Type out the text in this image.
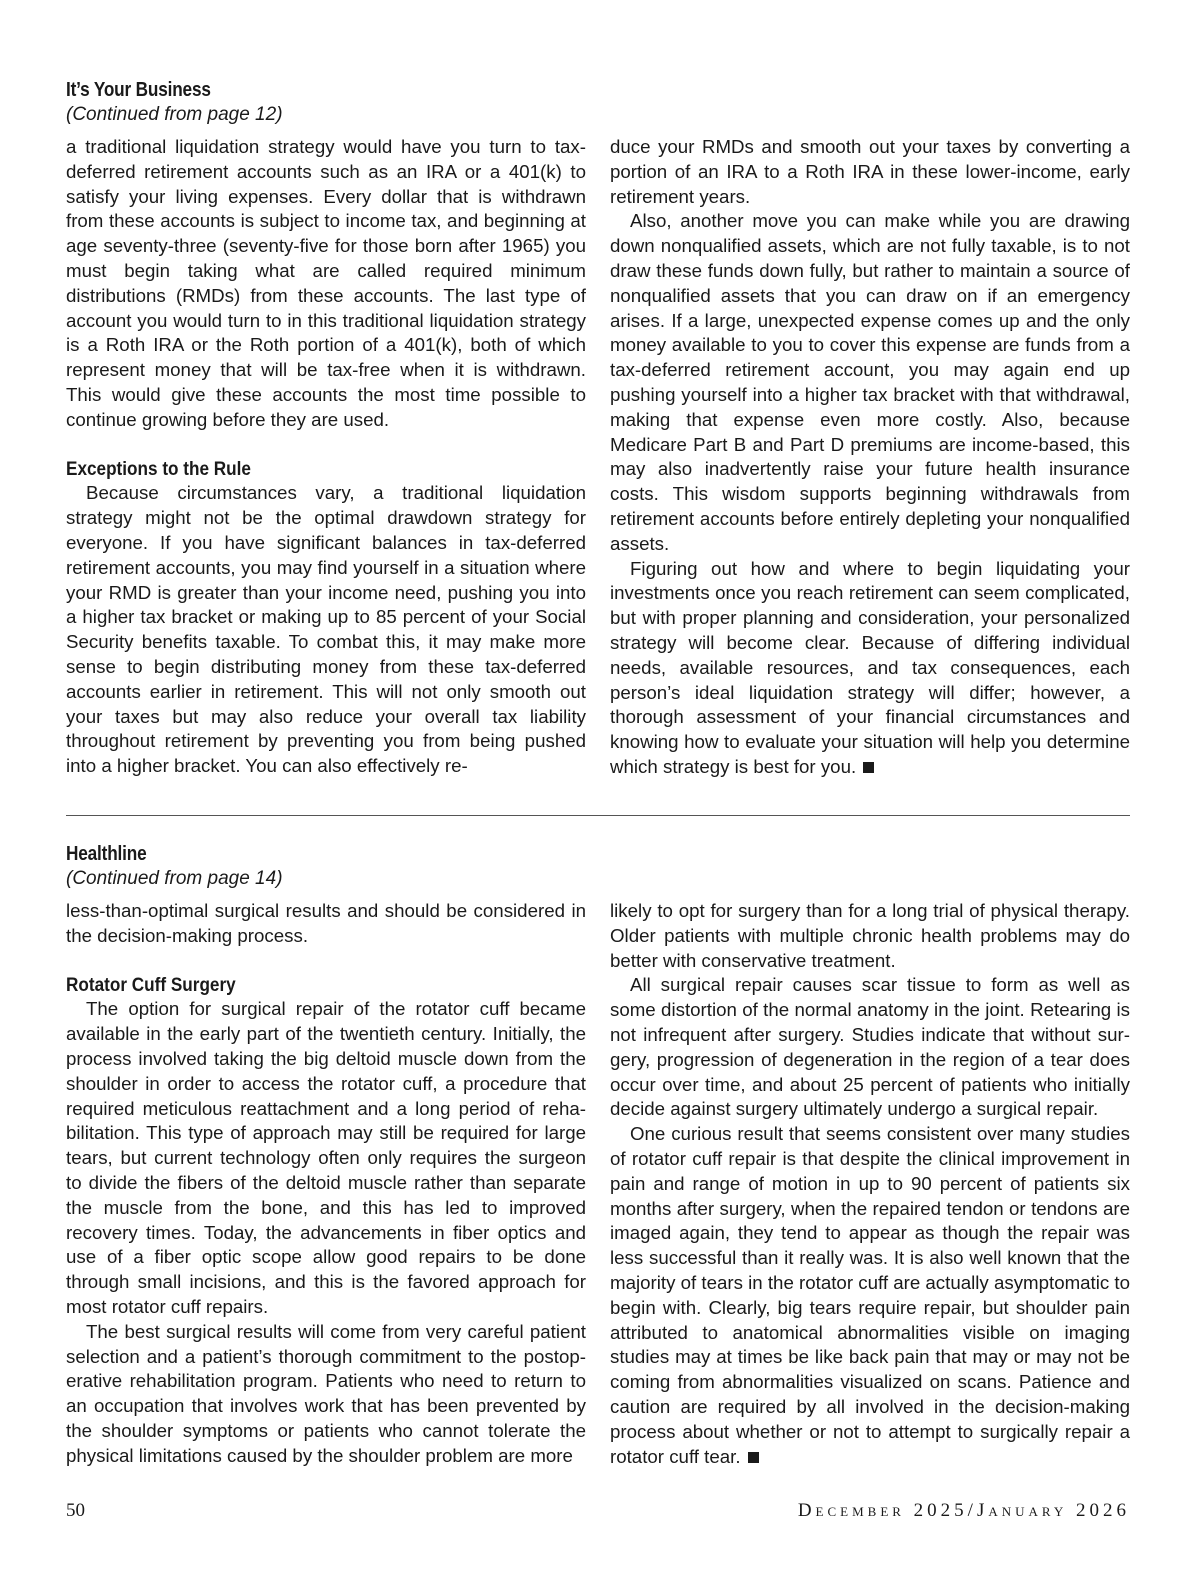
It’s Your Business
(Continued from page 12)

a traditional liquidation strategy would have you turn to tax-deferred retirement accounts such as an IRA or a 401(k) to satisfy your living expenses. Every dollar that is withdrawn from these accounts is subject to income tax, and beginning at age seventy-three (seventy-five for those born after 1965) you must begin taking what are called required minimum distributions (RMDs) from these accounts. The last type of account you would turn to in this traditional liquidation strategy is a Roth IRA or the Roth portion of a 401(k), both of which represent money that will be tax-free when it is withdrawn. This would give these accounts the most time possible to continue growing before they are used.

Exceptions to the Rule

Because circumstances vary, a traditional liquidation strategy might not be the optimal drawdown strategy for everyone. If you have significant balances in tax-deferred retirement accounts, you may find yourself in a situation where your RMD is greater than your income need, pushing you into a higher tax bracket or making up to 85 percent of your Social Security benefits taxable. To combat this, it may make more sense to begin distributing money from these tax-deferred accounts earlier in retirement. This will not only smooth out your taxes but may also reduce your overall tax liability throughout retirement by preventing you from being pushed into a higher bracket. You can also effectively re-

duce your RMDs and smooth out your taxes by converting a portion of an IRA to a Roth IRA in these lower-income, early retirement years.

Also, another move you can make while you are drawing down nonqualified assets, which are not fully taxable, is to not draw these funds down fully, but rather to maintain a source of nonqualified assets that you can draw on if an emergency arises. If a large, unexpected expense comes up and the only money available to you to cover this expense are funds from a tax-deferred retirement account, you may again end up pushing yourself into a higher tax bracket with that withdrawal, making that expense even more costly. Also, because Medicare Part B and Part D premiums are income-based, this may also inadvertently raise your future health insurance costs. This wisdom supports beginning withdrawals from retirement accounts before entirely depleting your nonqualified assets.

Figuring out how and where to begin liquidating your investments once you reach retirement can seem complicated, but with proper planning and consideration, your personalized strategy will become clear. Because of differing individual needs, available resources, and tax consequences, each person’s ideal liquidation strategy will differ; however, a thorough assessment of your financial circumstances and knowing how to evaluate your situation will help you determine which strategy is best for you.

Healthline
(Continued from page 14)

less-than-optimal surgical results and should be considered in the decision-making process.

Rotator Cuff Surgery

The option for surgical repair of the rotator cuff became available in the early part of the twentieth century. Initially, the process involved taking the big deltoid muscle down from the shoulder in order to access the rotator cuff, a procedure that required meticulous reattachment and a long period of rehabilitation. This type of approach may still be required for large tears, but current technology often only requires the surgeon to divide the fibers of the deltoid muscle rather than separate the muscle from the bone, and this has led to improved recovery times. Today, the advancements in fiber optics and use of a fiber optic scope allow good repairs to be done through small incisions, and this is the favored approach for most rotator cuff repairs.

The best surgical results will come from very careful patient selection and a patient’s thorough commitment to the postoperative rehabilitation program. Patients who need to return to an occupation that involves work that has been prevented by the shoulder symptoms or patients who cannot tolerate the physical limitations caused by the shoulder problem are more

likely to opt for surgery than for a long trial of physical therapy. Older patients with multiple chronic health problems may do better with conservative treatment.

All surgical repair causes scar tissue to form as well as some distortion of the normal anatomy in the joint. Retearing is not infrequent after surgery. Studies indicate that without surgery, progression of degeneration in the region of a tear does occur over time, and about 25 percent of patients who initially decide against surgery ultimately undergo a surgical repair.

One curious result that seems consistent over many studies of rotator cuff repair is that despite the clinical improvement in pain and range of motion in up to 90 percent of patients six months after surgery, when the repaired tendon or tendons are imaged again, they tend to appear as though the repair was less successful than it really was. It is also well known that the majority of tears in the rotator cuff are actually asymptomatic to begin with. Clearly, big tears require repair, but shoulder pain attributed to anatomical abnormalities visible on imaging studies may at times be like back pain that may or may not be coming from abnormalities visualized on scans. Patience and caution are required by all involved in the decision-making process about whether or not to attempt to surgically repair a rotator cuff tear.

50	December 2025/January 2026
